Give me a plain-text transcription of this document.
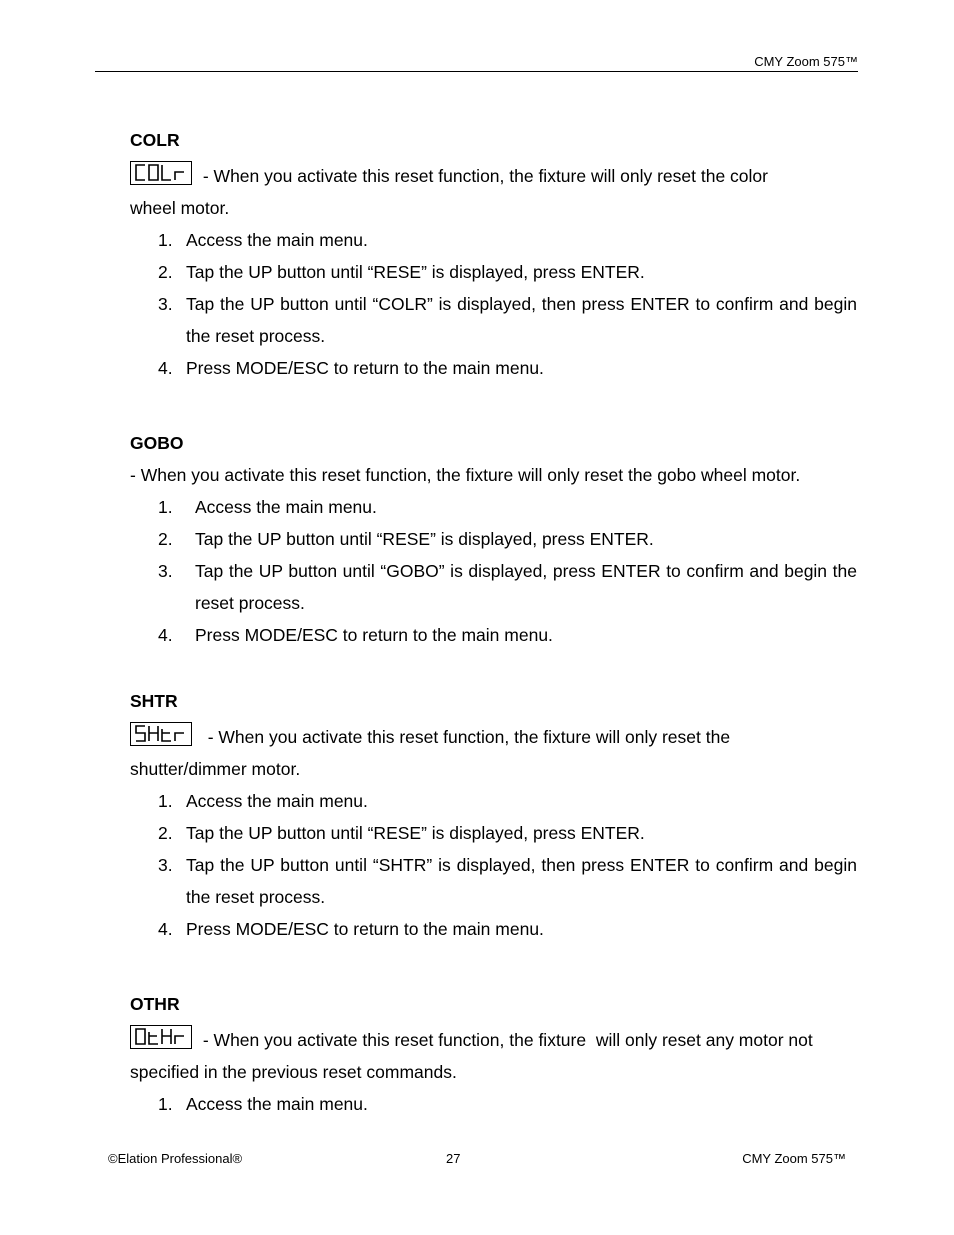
CMY Zoom 575™
COLR

- When you activate this reset function, the fixture will only reset the color
wheel motor.

1. Access the main menu.
2. Tap the UP button until “RESE” is displayed, press ENTER.
3. Tap the UP button until “COLR” is displayed, then press ENTER to confirm and begin the reset process.
4. Press MODE/ESC to return to the main menu.
GOBO

- When you activate this reset function, the fixture will only reset the gobo wheel motor.

1. Access the main menu.
2. Tap the UP button until “RESE” is displayed, press ENTER.
3. Tap the UP button until “GOBO” is displayed, press ENTER to confirm and begin the reset process.
4. Press MODE/ESC to return to the main menu.
SHTR

- When you activate this reset function, the fixture will only reset the
shutter/dimmer motor.

1. Access the main menu.
2. Tap the UP button until “RESE” is displayed, press ENTER.
3. Tap the UP button until “SHTR” is displayed, then press ENTER to confirm and begin the reset process.
4. Press MODE/ESC to return to the main menu.
OTHR

- When you activate this reset function, the fixture  will only reset any motor not
specified in the previous reset commands.

1. Access the main menu.
©Elation Professional®	27	CMY Zoom 575™
